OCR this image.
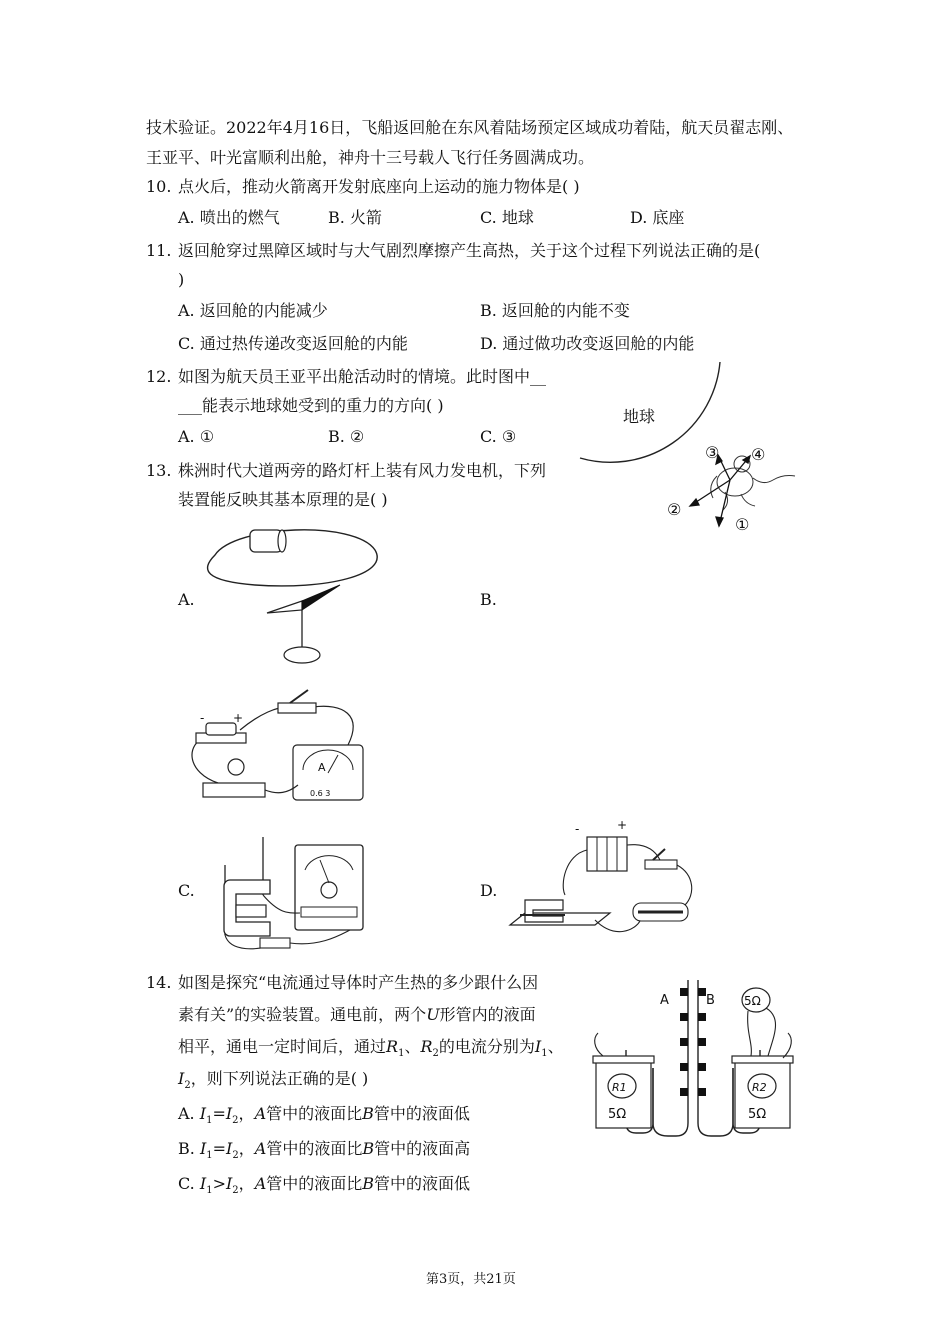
技术验证。2022年4月16日，飞船返回舱在东风着陆场预定区域成功着陆，航天员翟志刚、
王亚平、叶光富顺利出舱，神舟十三号载人飞行任务圆满成功。
10. 点火后，推动火箭离开发射底座向上运动的施力物体是( )
A. 喷出的燃气	B. 火箭	C. 地球	D. 底座
11. 返回舱穿过黑障区域时与大气剧烈摩擦产生高热，关于这个过程下列说法正确的是(
)
A. 返回舱的内能减少	B. 返回舱的内能不变
C. 通过热传递改变返回舱的内能	D. 通过做功改变返回舱的内能
12. 如图为航天员王亚平出舱活动时的情境。此时图中__
___能表示地球她受到的重力的方向( )
A. ①	B. ②	C. ③
地球
③ ④
②
①
13. 株洲时代大道两旁的路灯杆上装有风力发电机，下列
装置能反映其基本原理的是( )
A.	B.
- +
A
0.6 3
C.	D.
-	+
14. 如图是探究“电流通过导体时产生热的多少跟什么因
素有关”的实验装置。通电前，两个U形管内的液面
相平，通电一定时间后，通过$R_1$、$R_2$的电流分别为$I_1$、
$I_2$，则下列说法正确的是( )
A. $I_1=I_2$，A管中的液面比B管中的液面低
B. $I_1=I_2$，A管中的液面比B管中的液面高
C. $I_1>I_2$，A管中的液面比B管中的液面低
A	B
R1
5Ω
R2
5Ω
5Ω
第3页，共21页
